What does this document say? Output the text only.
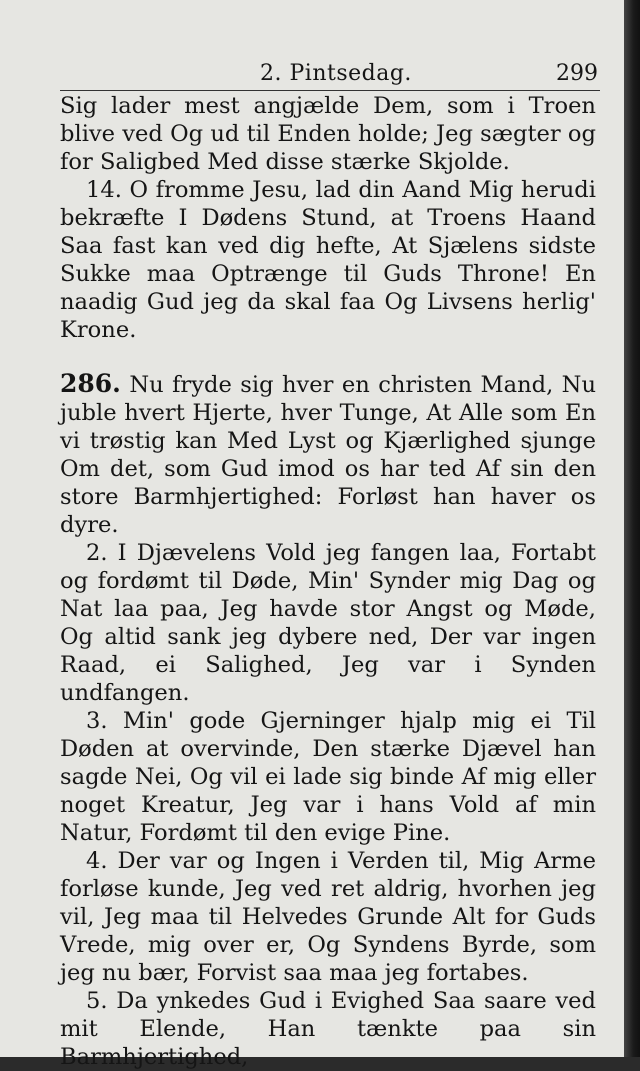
2. Pintsedag.	299

Sig lader mest angjælde Dem, som i Troen blive ved Og ud til Enden holde; Jeg sægter og for Saligbed Med disse stærke Skjolde.

14. O fromme Jesu, lad din Aand Mig herudi bekræfte I Dødens Stund, at Troens Haand Saa fast kan ved dig hefte, At Sjælens sidste Sukke maa Optrænge til Guds Throne! En naadig Gud jeg da skal faa Og Livsens herlig' Krone.

286. Nu fryde sig hver en christen Mand, Nu juble hvert Hjerte, hver Tunge, At Alle som En vi trøstig kan Med Lyst og Kjærlighed sjunge Om det, som Gud imod os har ted Af sin den store Barmhjertighed: Forløst han haver os dyre.

2. I Djævelens Vold jeg fangen laa, Fortabt og fordømt til Døde, Min' Synder mig Dag og Nat laa paa, Jeg havde stor Angst og Møde, Og altid sank jeg dybere ned, Der var ingen Raad, ei Salighed, Jeg var i Synden undfangen.

3. Min' gode Gjerninger hjalp mig ei Til Døden at overvinde, Den stærke Djævel han sagde Nei, Og vil ei lade sig binde Af mig eller noget Kreatur, Jeg var i hans Vold af min Natur, Fordømt til den evige Pine.

4. Der var og Ingen i Verden til, Mig Arme forløse kunde, Jeg ved ret aldrig, hvorhen jeg vil, Jeg maa til Helvedes Grunde Alt for Guds Vrede, mig over er, Og Syndens Byrde, som jeg nu bær, Forvist saa maa jeg fortabes.

5. Da ynkedes Gud i Evighed Saa saare ved mit Elende, Han tænkte paa sin Barmhjertighed,
